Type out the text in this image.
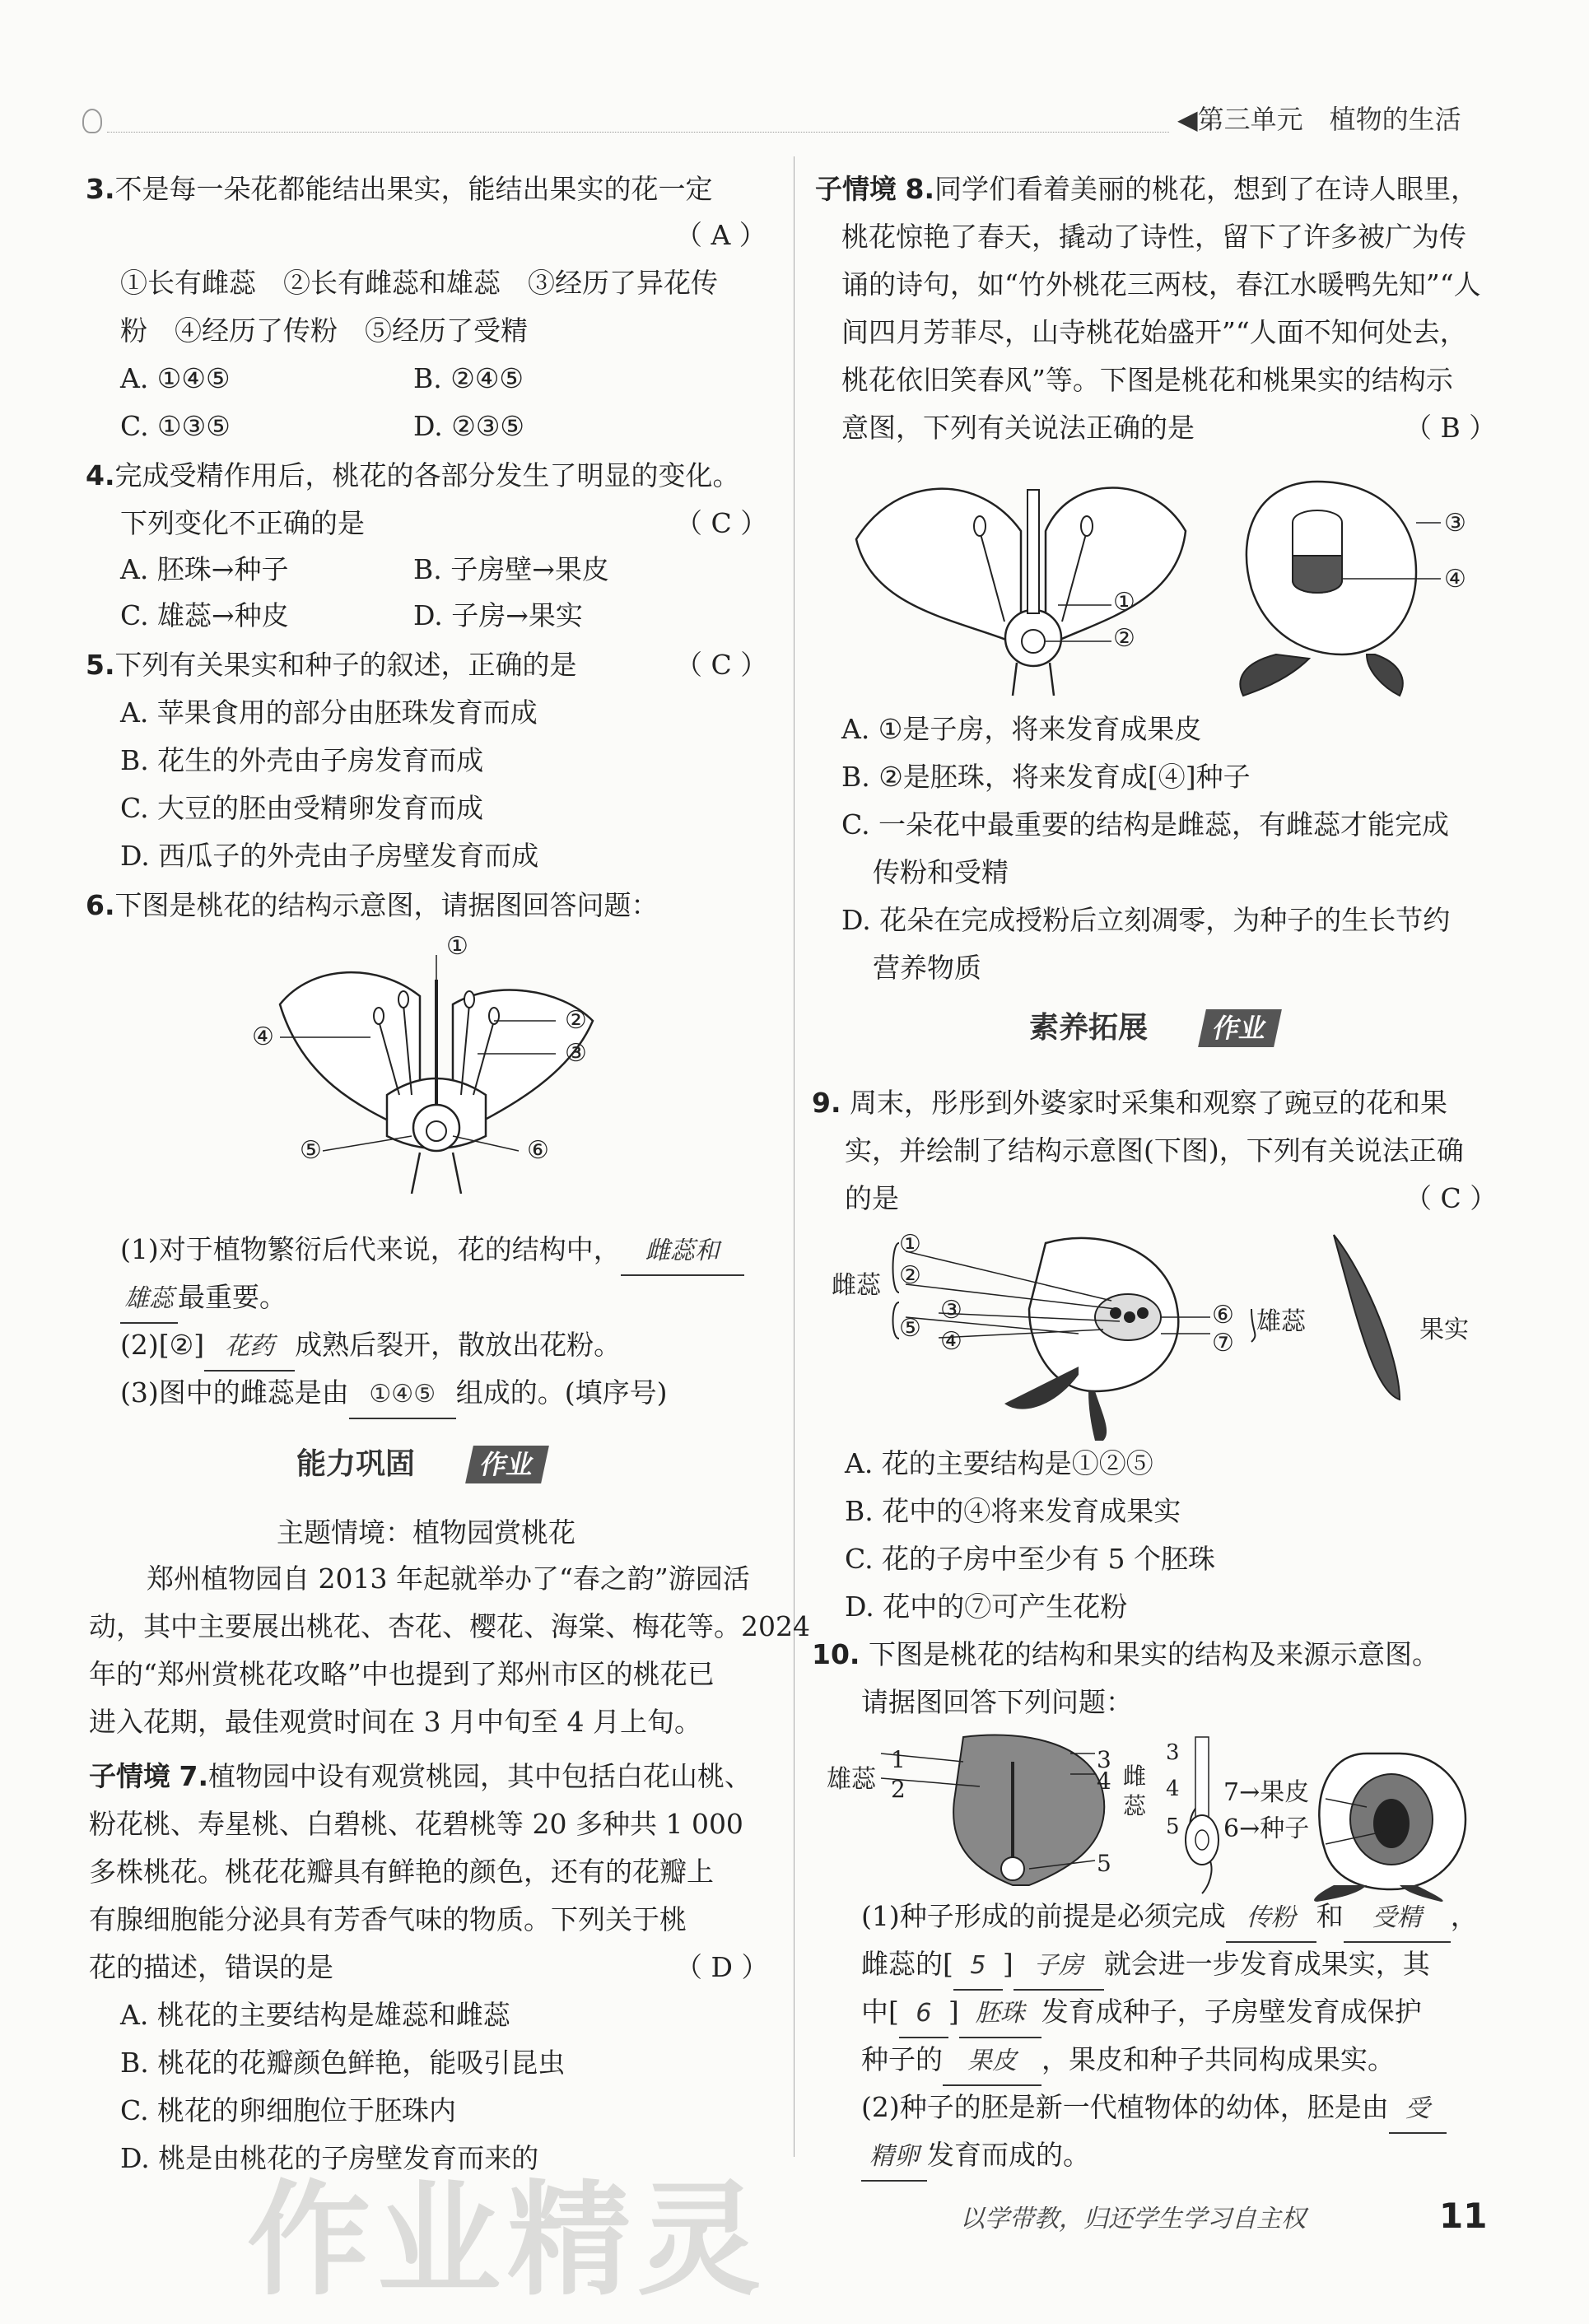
◀第三单元　 植物的生活
3.不是每一朵花都能结出果实，能结出果实的花一定
（ A ）
①长有雌蕊　②长有雌蕊和雄蕊　③经历了异花传
粉　④经历了传粉　⑤经历了受精
A. ①④⑤	B. ②④⑤
C. ①③⑤	D. ②③⑤
4.完成受精作用后，桃花的各部分发生了明显的变化。
下列变化不正确的是	（ C ）
A. 胚珠→种子	B. 子房壁→果皮
C. 雄蕊→种皮	D. 子房→果实
5.下列有关果实和种子的叙述，正确的是	（ C ）
A. 苹果食用的部分由胚珠发育而成
B. 花生的外壳由子房发育而成
C. 大豆的胚由受精卵发育而成
D. 西瓜子的外壳由子房壁发育而成
6.下图是桃花的结构示意图，请据图回答问题：
①
②
③
④
⑤	⑥
(1)对于植物繁衍后代来说，花的结构中， 雌蕊和
雄蕊 最重要。
(2)[②] 花药 成熟后裂开，散放出花粉。
(3)图中的雌蕊是由 ①④⑤ 组成的。(填序号)
能力巩固	作业
主题情境：植物园赏桃花
郑州植物园自 2013 年起就举办了“春之韵”游园活
动，其中主要展出桃花、杏花、樱花、海棠、梅花等。2024
年的“郑州赏桃花攻略”中也提到了郑州市区的桃花已
进入花期，最佳观赏时间在 3 月中旬至 4 月上旬。
子情境 7.植物园中设有观赏桃园，其中包括白花山桃、
粉花桃、寿星桃、白碧桃、花碧桃等 20 多种共 1 000
多株桃花。桃花花瓣具有鲜艳的颜色，还有的花瓣上
有腺细胞能分泌具有芳香气味的物质。下列关于桃
花的描述，错误的是	（ D ）
A. 桃花的主要结构是雄蕊和雌蕊
B. 桃花的花瓣颜色鲜艳，能吸引昆虫
C. 桃花的卵细胞位于胚珠内
D. 桃是由桃花的子房壁发育而来的
子情境 8.同学们看着美丽的桃花，想到了在诗人眼里，
桃花惊艳了春天，撬动了诗性，留下了许多被广为传
诵的诗句，如“竹外桃花三两枝，春江水暖鸭先知”“人
间四月芳菲尽，山寺桃花始盛开”“人面不知何处去，
桃花依旧笑春风”等。下图是桃花和桃果实的结构示
意图，下列有关说法正确的是	（ B ）
①
②
③
④
A. ①是子房，将来发育成果皮
B. ②是胚珠，将来发育成[④]种子
C. 一朵花中最重要的结构是雌蕊，有雌蕊才能完成
传粉和受精
D. 花朵在完成授粉后立刻凋零，为种子的生长节约
营养物质
素养拓展	作业
9. 周末，彤彤到外婆家时采集和观察了豌豆的花和果
实，并绘制了结构示意图(下图)，下列有关说法正确
的是	（ C ）
雌蕊
①
②
③
④
⑤	⑥
⑦
雄蕊	果实
A. 花的主要结构是①②⑤
B. 花中的④将来发育成果实
C. 花的子房中至少有 5 个胚珠
D. 花中的⑦可产生花粉
10. 下图是桃花的结构和果实的结构及来源示意图。
请据图回答下列问题：
雄蕊
1
2
3
4
5
雌蕊
3
4
5
7→果皮
6→种子
(1)种子形成的前提是必须完成 传粉 和 受精 ，
雌蕊的[ 5 ] 子房 就会进一步发育成果实，其
中[ 6 ] 胚珠 发育成种子，子房壁发育成保护
种子的 果皮 ，果皮和种子共同构成果实。
(2)种子的胚是新一代植物体的幼体，胚是由 受
精卵 发育而成的。
以学带教，归还学生学习自主权	11
作业精灵
